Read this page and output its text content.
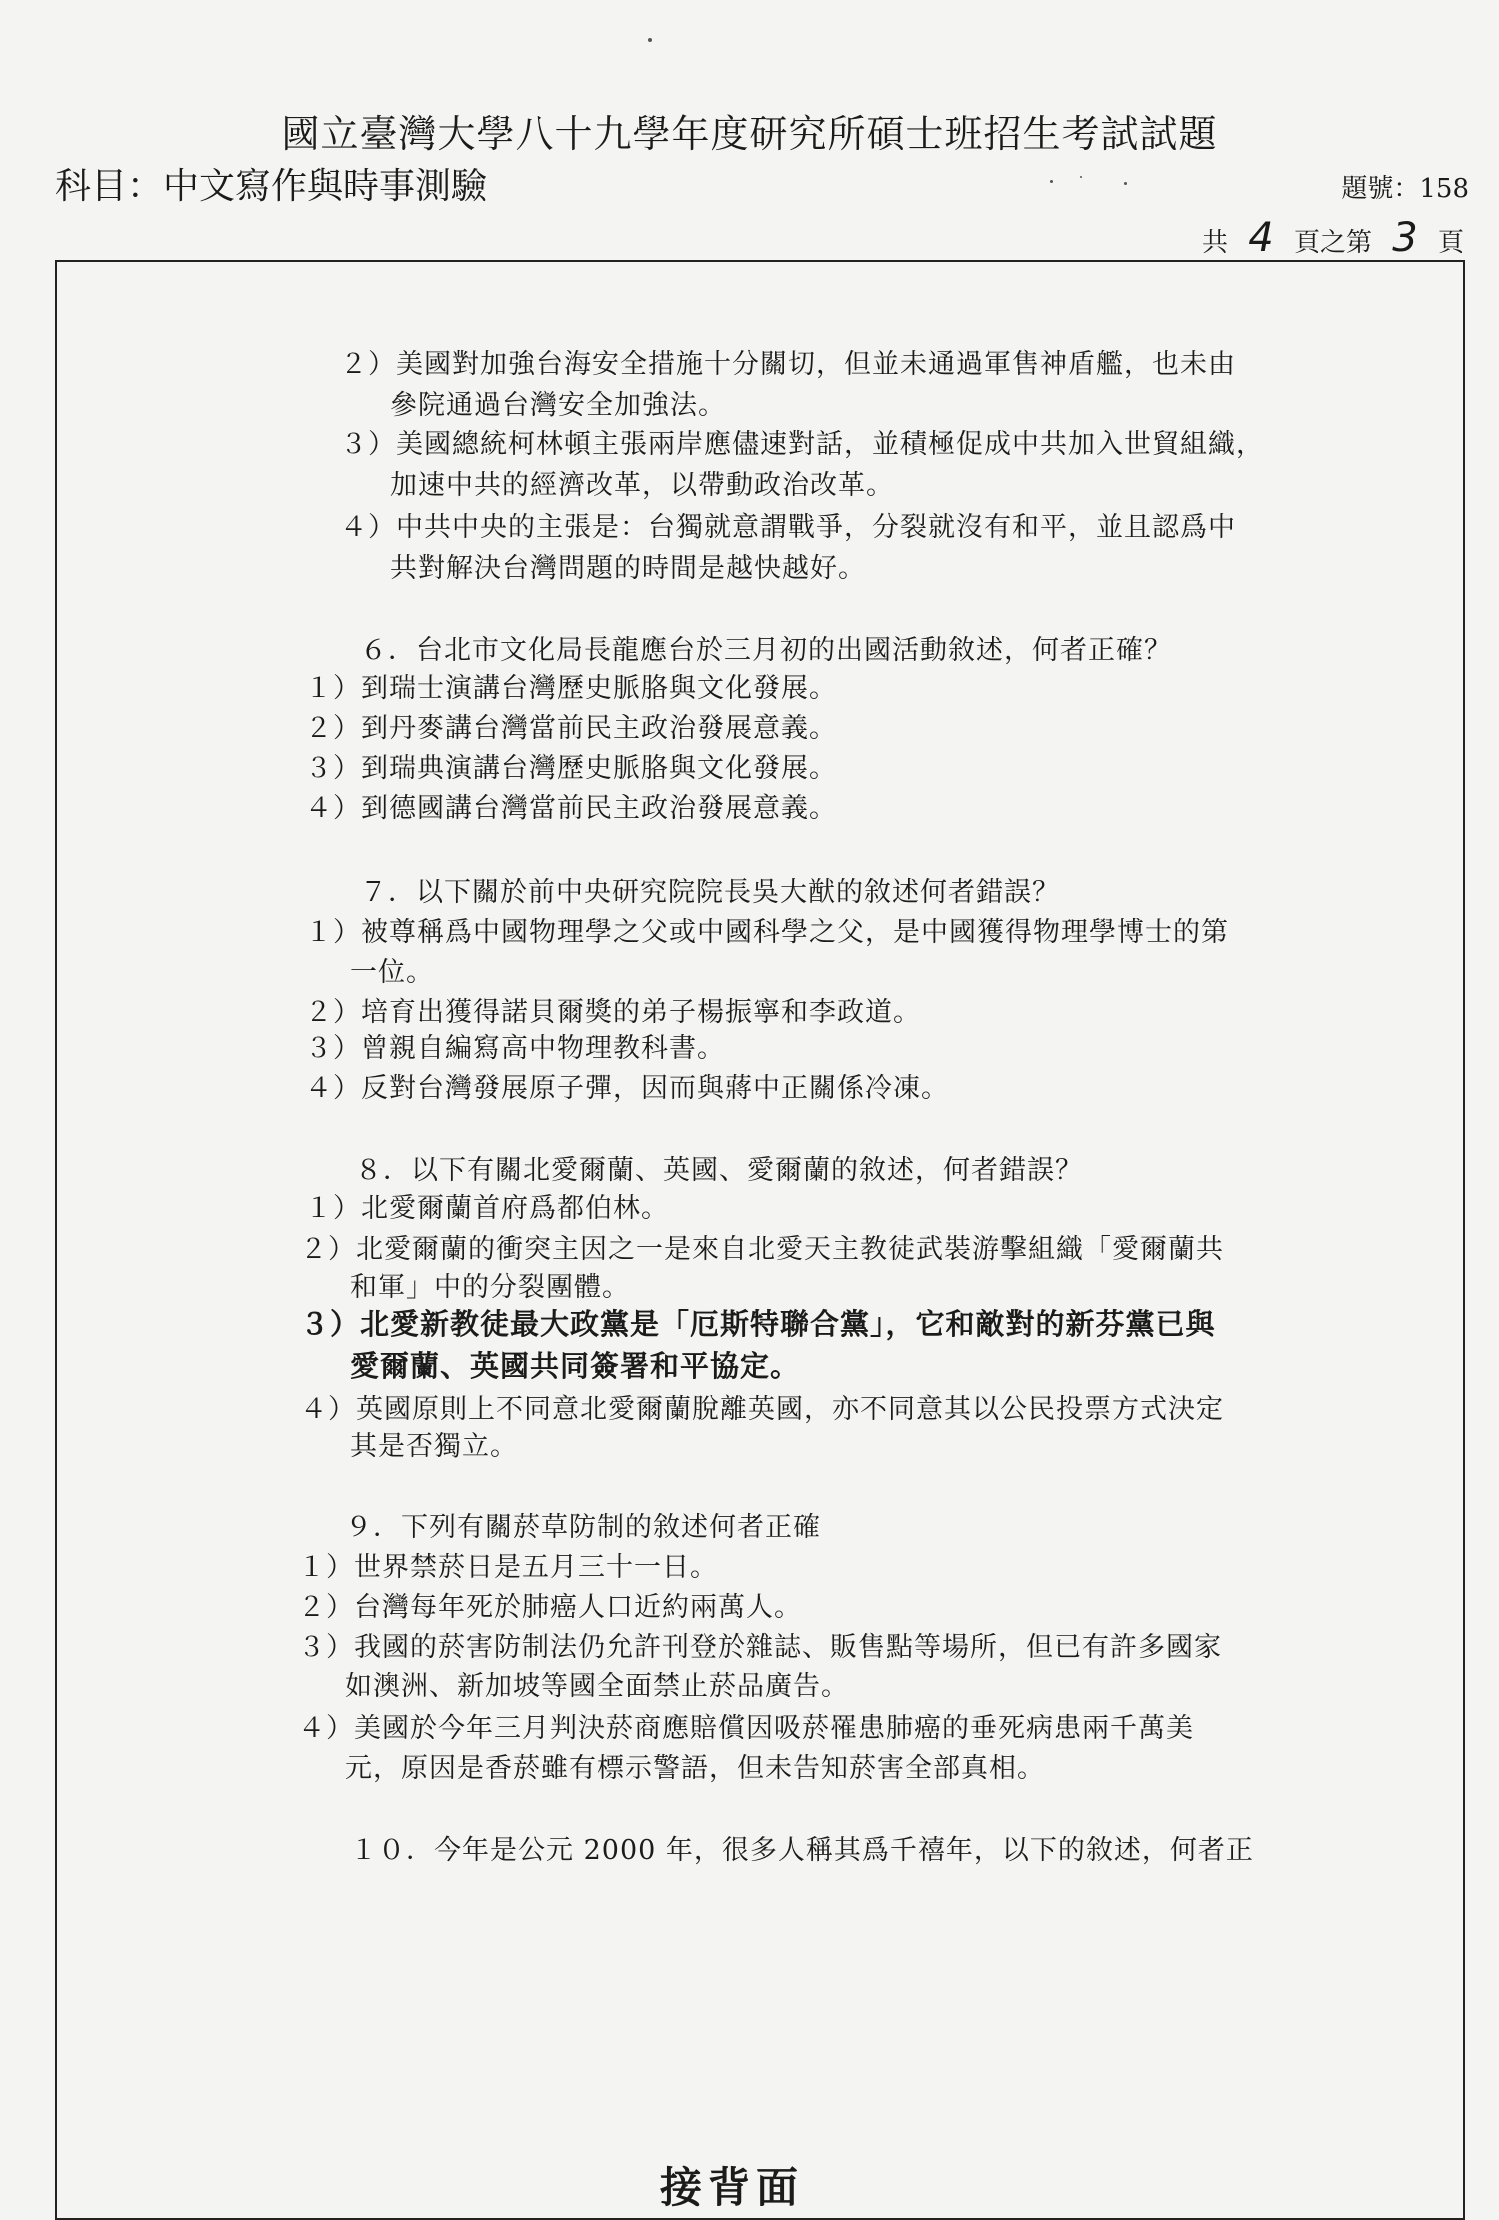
國立臺灣大學八十九學年度研究所碩士班招生考試試題
科目：中文寫作與時事測驗	題號：158
共 4 頁之第 3 頁
２）美國對加強台海安全措施十分關切，但並未通過軍售神盾艦，也未由
參院通過台灣安全加強法。
３）美國總統柯林頓主張兩岸應儘速對話，並積極促成中共加入世貿組織，
加速中共的經濟改革，以帶動政治改革。
４）中共中央的主張是：台獨就意謂戰爭，分裂就沒有和平，並且認爲中
共對解決台灣問題的時間是越快越好。
６．台北市文化局長龍應台於三月初的出國活動敘述，何者正確？
１）到瑞士演講台灣歷史脈胳與文化發展。
２）到丹麥講台灣當前民主政治發展意義。
３）到瑞典演講台灣歷史脈胳與文化發展。
４）到德國講台灣當前民主政治發展意義。
７．以下關於前中央研究院院長吳大猷的敘述何者錯誤？
１）被尊稱爲中國物理學之父或中國科學之父，是中國獲得物理學博士的第
一位。
２）培育出獲得諾貝爾獎的弟子楊振寧和李政道。
３）曾親自編寫高中物理教科書。
４）反對台灣發展原子彈，因而與蔣中正關係冷凍。
８．以下有關北愛爾蘭、英國、愛爾蘭的敘述，何者錯誤？
１）北愛爾蘭首府爲都伯林。
２）北愛爾蘭的衝突主因之一是來自北愛天主教徒武裝游擊組織「愛爾蘭共
和軍」中的分裂團體。
３）北愛新教徒最大政黨是「厄斯特聯合黨」，它和敵對的新芬黨已與
愛爾蘭、英國共同簽署和平協定。
４）英國原則上不同意北愛爾蘭脫離英國，亦不同意其以公民投票方式決定
其是否獨立。
９．下列有關菸草防制的敘述何者正確
１）世界禁菸日是五月三十一日。
２）台灣每年死於肺癌人口近約兩萬人。
３）我國的菸害防制法仍允許刊登於雜誌、販售點等場所，但已有許多國家
如澳洲、新加坡等國全面禁止菸品廣告。
４）美國於今年三月判決菸商應賠償因吸菸罹患肺癌的垂死病患兩千萬美
元，原因是香菸雖有標示警語，但未告知菸害全部真相。
１０．今年是公元 2000 年，很多人稱其爲千禧年，以下的敘述，何者正
接背面
